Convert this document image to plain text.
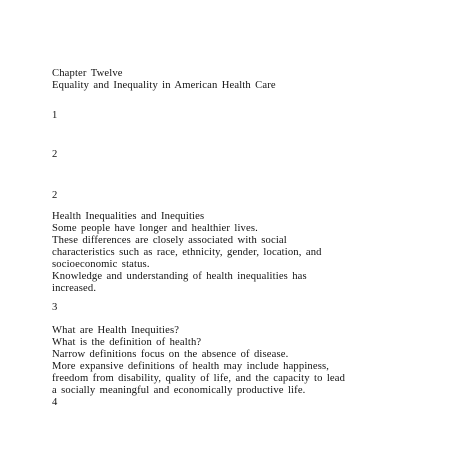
Chapter Twelve
Equality and Inequality in American Health Care
1
2
2
Health Inequalities and Inequities
Some people have longer and healthier lives.
These differences are closely associated with social
characteristics such as race, ethnicity, gender, location, and
socioeconomic status.
Knowledge and understanding of health inequalities has
increased.
3
What are Health Inequities?
What is the definition of health?
Narrow definitions focus on the absence of disease.
More expansive definitions of health may include happiness,
freedom from disability, quality of life, and the capacity to lead
a socially meaningful and economically productive life.
4
